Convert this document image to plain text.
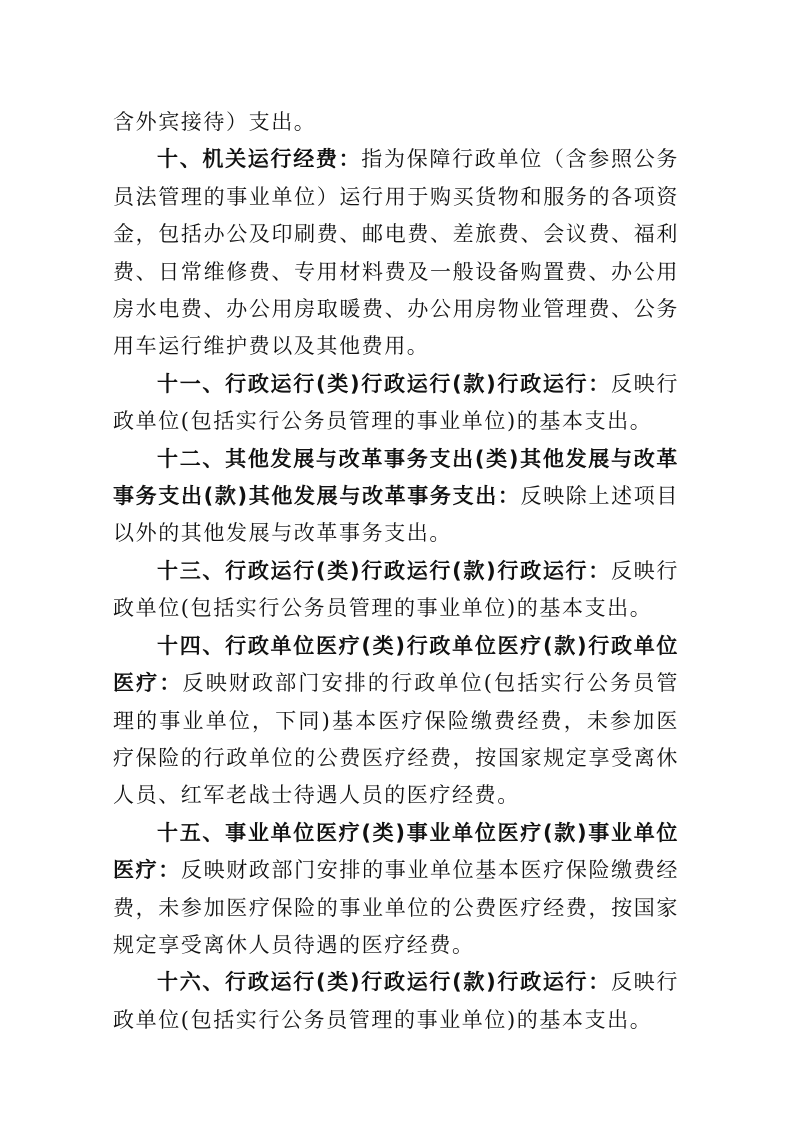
含外宾接待）支出。

十、机关运行经费：指为保障行政单位（含参照公务员法管理的事业单位）运行用于购买货物和服务的各项资金，包括办公及印刷费、邮电费、差旅费、会议费、福利费、日常维修费、专用材料费及一般设备购置费、办公用房水电费、办公用房取暖费、办公用房物业管理费、公务用车运行维护费以及其他费用。

十一、行政运行(类)行政运行(款)行政运行：反映行政单位(包括实行公务员管理的事业单位)的基本支出。

十二、其他发展与改革事务支出(类)其他发展与改革事务支出(款)其他发展与改革事务支出：反映除上述项目以外的其他发展与改革事务支出。

十三、行政运行(类)行政运行(款)行政运行：反映行政单位(包括实行公务员管理的事业单位)的基本支出。

十四、行政单位医疗(类)行政单位医疗(款)行政单位医疗：反映财政部门安排的行政单位(包括实行公务员管理的事业单位，下同)基本医疗保险缴费经费，未参加医疗保险的行政单位的公费医疗经费，按国家规定享受离休人员、红军老战士待遇人员的医疗经费。

十五、事业单位医疗(类)事业单位医疗(款)事业单位医疗：反映财政部门安排的事业单位基本医疗保险缴费经费，未参加医疗保险的事业单位的公费医疗经费，按国家规定享受离休人员待遇的医疗经费。

十六、行政运行(类)行政运行(款)行政运行：反映行政单位(包括实行公务员管理的事业单位)的基本支出。
